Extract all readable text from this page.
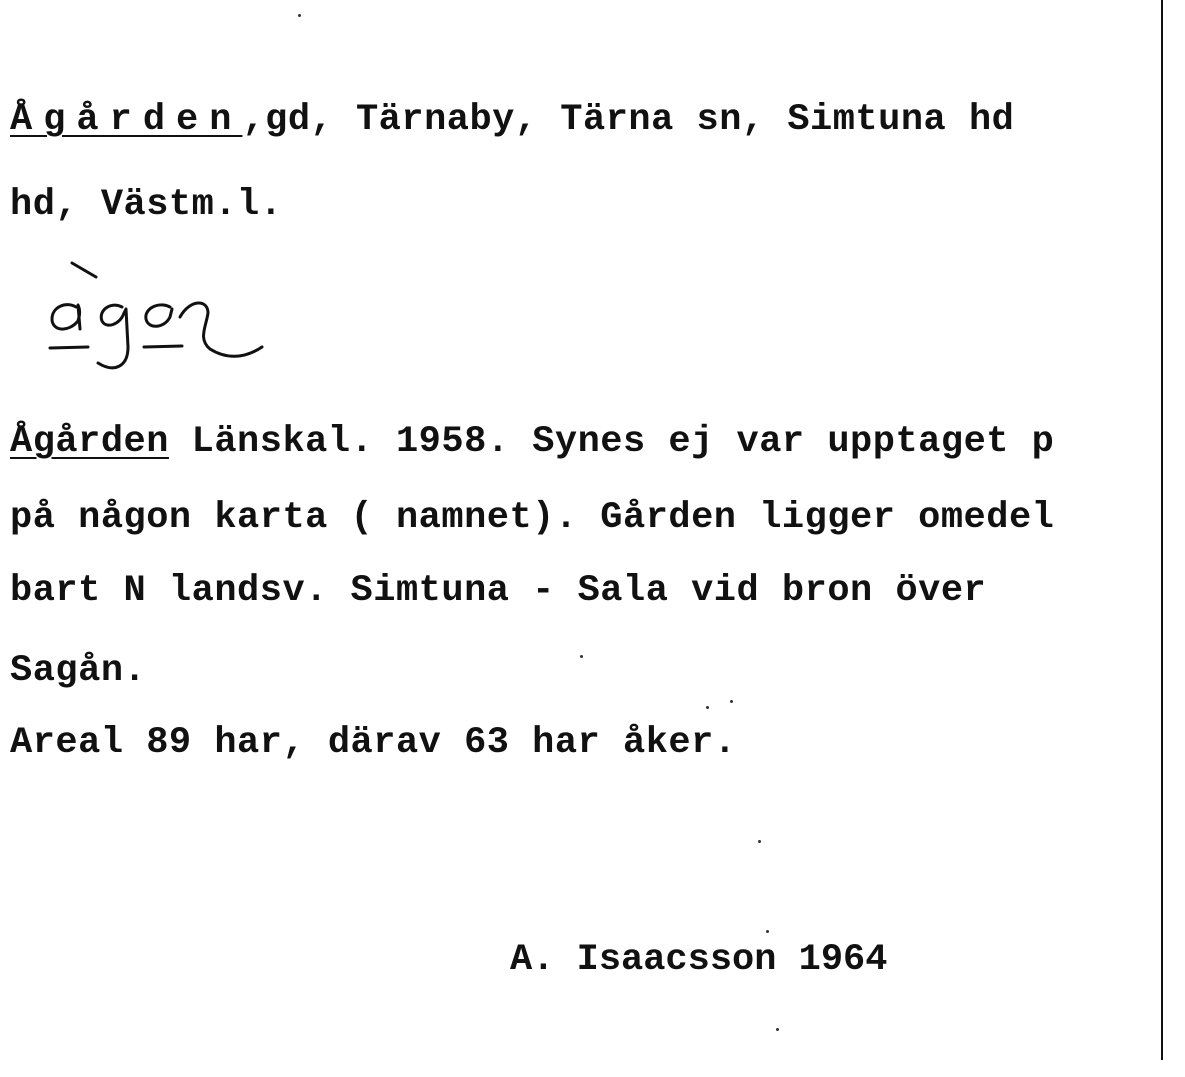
Ågården,gd, Tärnaby, Tärna sn, Simtuna hd
hd, Västm.l.
Ågården Länskal. 1958. Synes ej var upptaget p
på någon karta ( namnet). Gården ligger omedel
bart N landsv. Simtuna - Sala vid bron över
Sagån.
Areal 89 har, därav 63 har åker.
A. Isaacsson 1964
